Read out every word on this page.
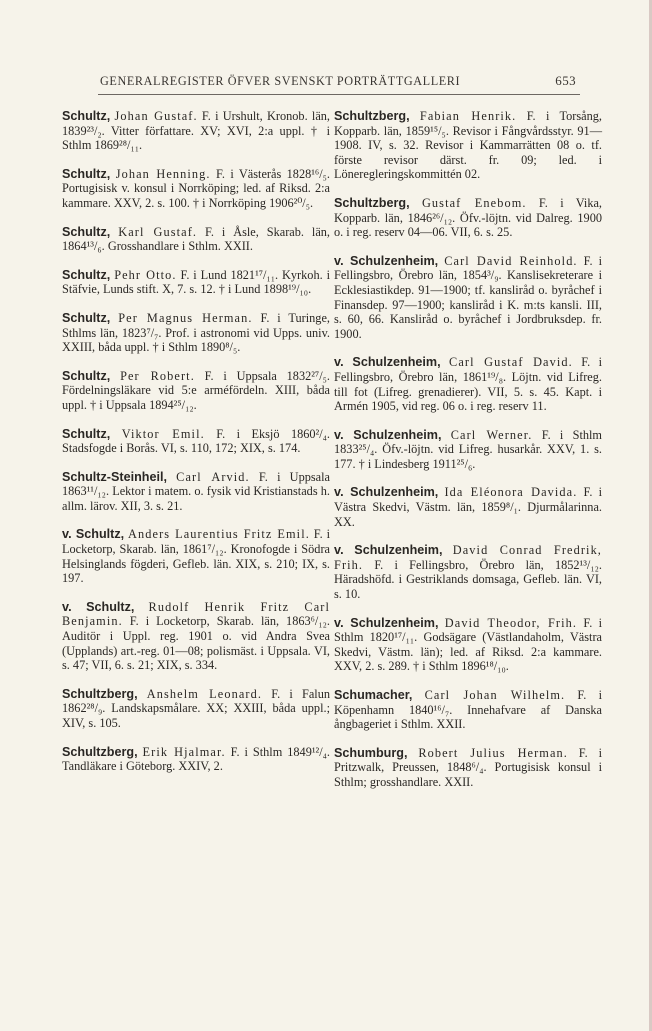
GENERALREGISTER ÖFVER SVENSKT PORTRÄTTGALLERI	653

Schultz, Johan Gustaf. F. i Urshult, Kronob. län, 1839²³/₂. Vitter författare. XV; XVI, 2:a uppl. † i Sthlm 1869²⁸/₁₁.

Schultz, Johan Henning. F. i Västerås 1828¹⁶/₅. Portugisisk v. konsul i Norrköping; led. af Riksd. 2:a kammare. XXV, 2. s. 100. † i Norrköping 1906²⁰/₅.

Schultz, Karl Gustaf. F. i Åsle, Skarab. län, 1864¹³/₆. Grosshandlare i Sthlm. XXII.

Schultz, Pehr Otto. F. i Lund 1821¹⁷/₁₁. Kyrkoh. i Stäfvie, Lunds stift. X, 7. s. 12. † i Lund 1898¹⁹/₁₀.

Schultz, Per Magnus Herman. F. i Turinge, Sthlms län, 1823⁷/₇. Prof. i astronomi vid Upps. univ. XXIII, båda uppl. † i Sthlm 1890⁸/₅.

Schultz, Per Robert. F. i Uppsala 1832²⁷/₅. Fördelningsläkare vid 5:e arméfördeln. XIII, båda uppl. † i Uppsala 1894²⁵/₁₂.

Schultz, Viktor Emil. F. i Eksjö 1860²/₄. Stadsfogde i Borås. VI, s. 110, 172; XIX, s. 174.

Schultz-Steinheil, Carl Arvid. F. i Uppsala 1863¹¹/₁₂. Lektor i matem. o. fysik vid Kristianstads h. allm. lärov. XII, 3. s. 21.

v. Schultz, Anders Laurentius Fritz Emil. F. i Locketorp, Skarab. län, 1861⁷/₁₂. Kronofogde i Södra Helsinglands fögderi, Gefleb. län. XIX, s. 210; IX, s. 197.

v. Schultz, Rudolf Henrik Fritz Carl Benjamin. F. i Locketorp, Skarab. län, 1863⁶/₁₂. Auditör i Uppl. reg. 1901 o. vid Andra Svea (Upplands) art.-reg. 01—08; polismäst. i Uppsala. VI, s. 47; VII, 6. s. 21; XIX, s. 334.

Schultzberg, Anshelm Leonard. F. i Falun 1862²⁸/₉. Landskapsmålare. XX; XXIII, båda uppl.; XIV, s. 105.

Schultzberg, Erik Hjalmar. F. i Sthlm 1849¹²/₄. Tandläkare i Göteborg. XXIV, 2.

Schultzberg, Fabian Henrik. F. i Torsång, Kopparb. län, 1859¹⁵/₅. Revisor i Fångvårdsstyr. 91—1908. IV, s. 32. Revisor i Kammarrätten 08 o. tf. förste revisor därst. fr. 09; led. i Löneregleringskommittén 02.

Schultzberg, Gustaf Enebom. F. i Vika, Kopparb. län, 1846²⁶/₁₂. Öfv.-löjtn. vid Dalreg. 1900 o. i reg. reserv 04—06. VII, 6. s. 25.

v. Schulzenheim, Carl David Reinhold. F. i Fellingsbro, Örebro län, 1854³/₉. Kanslisekreterare i Ecklesiastikdep. 91—1900; tf. kansliråd o. byråchef i Finansdep. 97—1900; kansliråd i K. m:ts kansli. III, s. 60, 66. Kansliråd o. byråchef i Jordbruksdep. fr. 1900.

v. Schulzenheim, Carl Gustaf David. F. i Fellingsbro, Örebro län, 1861¹⁹/₈. Löjtn. vid Lifreg. till fot (Lifreg. grenadierer). VII, 5. s. 45. Kapt. i Armén 1905, vid reg. 06 o. i reg. reserv 11.

v. Schulzenheim, Carl Werner. F. i Sthlm 1833²⁵/₄. Öfv.-löjtn. vid Lifreg. husarkår. XXV, 1. s. 177. † i Lindesberg 1911²⁵/₆.

v. Schulzenheim, Ida Eléonora Davida. F. i Västra Skedvi, Västm. län, 1859⁸/₁. Djurmålarinna. XX.

v. Schulzenheim, David Conrad Fredrik, Frih. F. i Fellingsbro, Örebro län, 1852¹³/₁₂. Häradshöfd. i Gestriklands domsaga, Gefleb. län. VI, s. 10.

v. Schulzenheim, David Theodor, Frih. F. i Sthlm 1820¹⁷/₁₁. Godsägare (Västlandaholm, Västra Skedvi, Västm. län); led. af Riksd. 2:a kammare. XXV, 2. s. 289. † i Sthlm 1896¹⁸/₁₀.

Schumacher, Carl Johan Wilhelm. F. i Köpenhamn 1840¹⁶/₇. Innehafvare af Danska ångbageriet i Sthlm. XXII.

Schumburg, Robert Julius Herman. F. i Pritzwalk, Preussen, 1848⁶/₄. Portugisisk konsul i Sthlm; grosshandlare. XXII.
